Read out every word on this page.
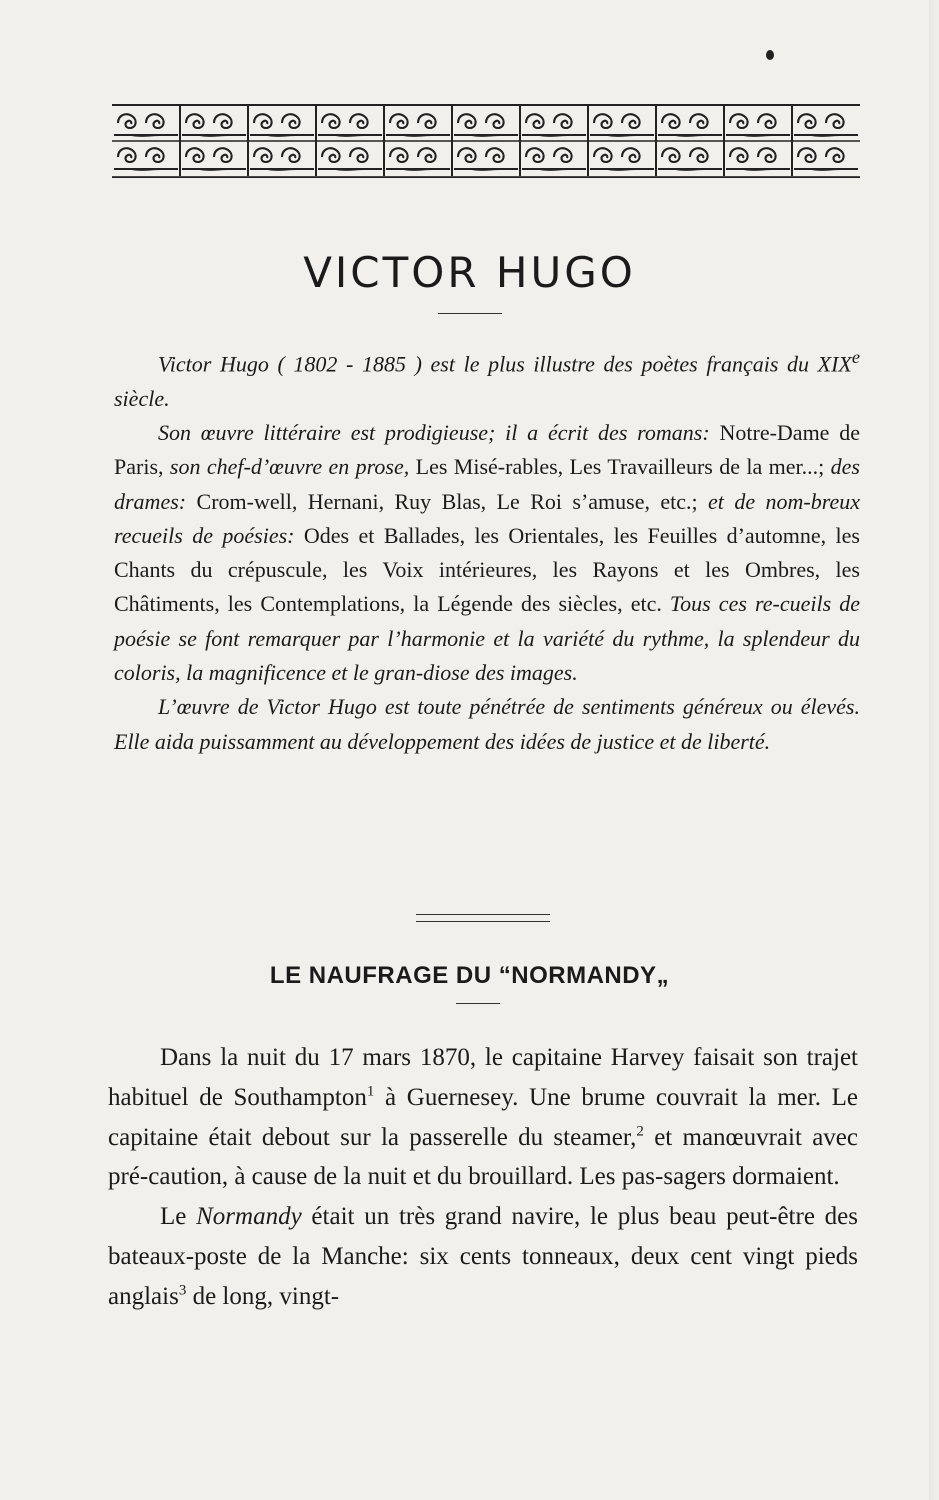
VICTOR HUGO

Victor Hugo ( 1802 - 1885 ) est le plus illustre des poètes français du XIXe siècle.

Son œuvre littéraire est prodigieuse; il a écrit des romans: Notre-Dame de Paris, son chef-d’œuvre en prose, Les Misé-rables, Les Travailleurs de la mer...; des drames: Crom-well, Hernani, Ruy Blas, Le Roi s’amuse, etc.; et de nom-breux recueils de poésies: Odes et Ballades, les Orientales, les Feuilles d’automne, les Chants du crépuscule, les Voix intérieures, les Rayons et les Ombres, les Châtiments, les Contemplations, la Légende des siècles, etc. Tous ces re-cueils de poésie se font remarquer par l’harmonie et la variété du rythme, la splendeur du coloris, la magnificence et le gran-diose des images.

L’œuvre de Victor Hugo est toute pénétrée de sentiments généreux ou élevés. Elle aida puissamment au développement des idées de justice et de liberté.

LE NAUFRAGE DU “NORMANDY„

Dans la nuit du 17 mars 1870, le capitaine Harvey faisait son trajet habituel de Southampton$^1$ à Guernesey. Une brume couvrait la mer. Le capitaine était debout sur la passerelle du steamer,$^2$ et manœuvrait avec pré-caution, à cause de la nuit et du brouillard. Les pas-sagers dormaient.

Le Normandy était un très grand navire, le plus beau peut-être des bateaux-poste de la Manche: six cents tonneaux, deux cent vingt pieds anglais$^3$ de long, vingt-
